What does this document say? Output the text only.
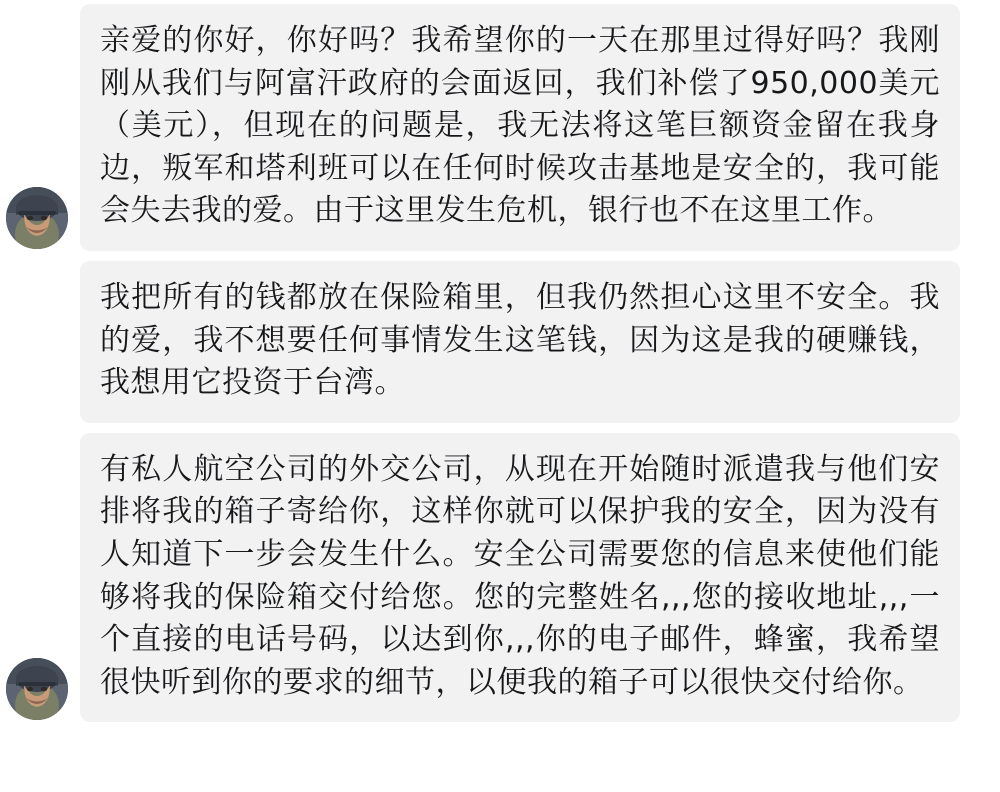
亲爱的你好，你好吗？我希望你的一天在那里过得好吗？我刚刚从我们与阿富汗政府的会面返回，我们补偿了950,000美元（美元），但现在的问题是，我无法将这笔巨额资金留在我身边，叛军和塔利班可以在任何时候攻击基地是安全的，我可能会失去我的爱。由于这里发生危机，银行也不在这里工作。

我把所有的钱都放在保险箱里，但我仍然担心这里不安全。我的爱，我不想要任何事情发生这笔钱，因为这是我的硬赚钱，我想用它投资于台湾。

有私人航空公司的外交公司，从现在开始随时派遣我与他们安排将我的箱子寄给你，这样你就可以保护我的安全，因为没有人知道下一步会发生什么。安全公司需要您的信息来使他们能够将我的保险箱交付给您。您的完整姓名,,,您的接收地址,,,一个直接的电话号码，以达到你,,,你的电子邮件，蜂蜜，我希望很快听到你的要求的细节，以便我的箱子可以很快交付给你。
